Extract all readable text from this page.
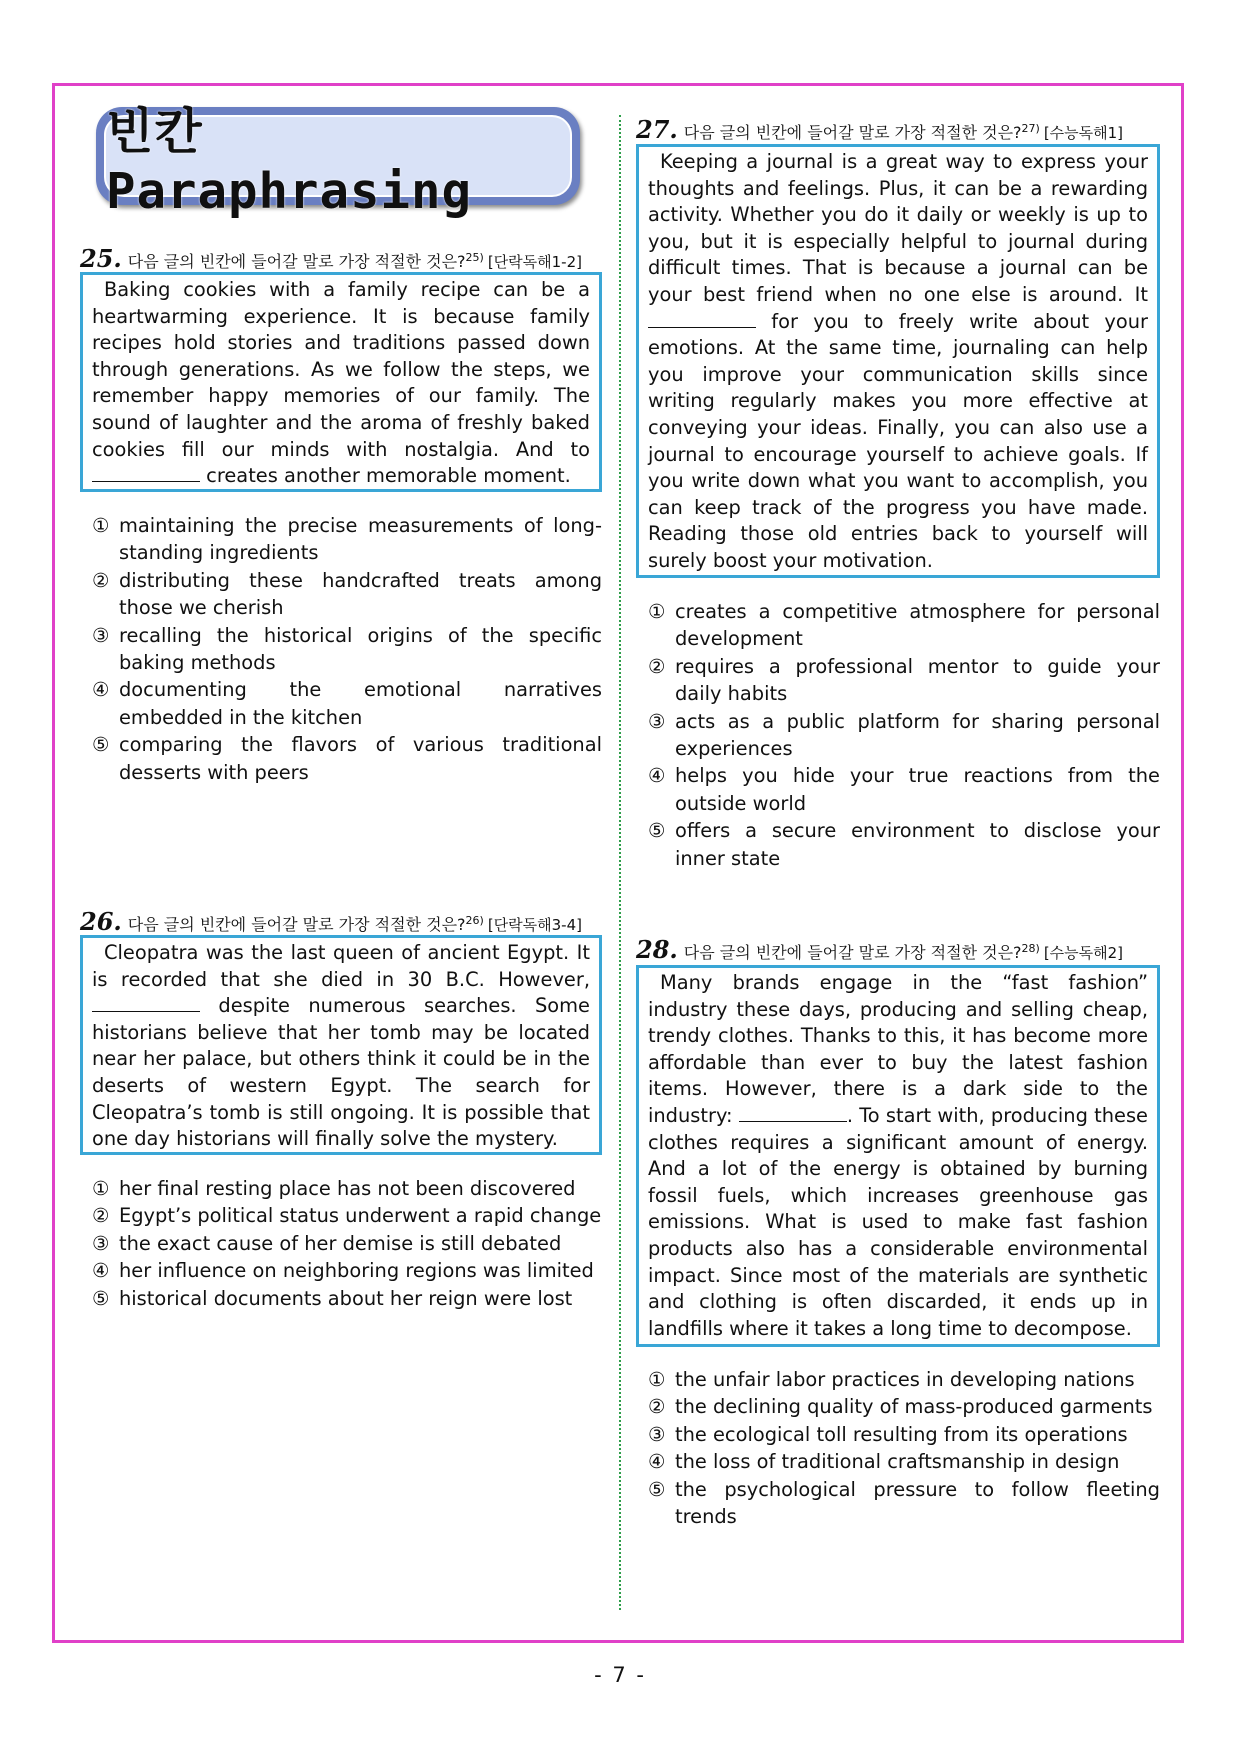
빈칸 Paraphrasing
25. 다음 글의 빈칸에 들어갈 말로 가장 적절한 것은?$^{25)}$ [단락독해1-2]

Baking cookies with a family recipe can be a heartwarming experience. It is because family recipes hold stories and traditions passed down through generations. As we follow the steps, we remember happy memories of our family. The sound of laughter and the aroma of freshly baked cookies fill our minds with nostalgia. And to  creates another memorable moment.

① maintaining the precise measurements of long-standing ingredients
② distributing these handcrafted treats among those we cherish
③ recalling the historical origins of the specific baking methods
④ documenting the emotional narratives embedded in the kitchen
⑤ comparing the flavors of various traditional desserts with peers
26. 다음 글의 빈칸에 들어갈 말로 가장 적절한 것은?$^{26)}$ [단락독해3-4]

Cleopatra was the last queen of ancient Egypt. It is recorded that she died in 30 B.C. However,  despite numerous searches. Some historians believe that her tomb may be located near her palace, but others think it could be in the deserts of western Egypt. The search for Cleopatra’s tomb is still ongoing. It is possible that one day historians will finally solve the mystery.

① her final resting place has not been discovered
② Egypt’s political status underwent a rapid change
③ the exact cause of her demise is still debated
④ her influence on neighboring regions was limited
⑤ historical documents about her reign were lost
27. 다음 글의 빈칸에 들어갈 말로 가장 적절한 것은?$^{27)}$ [수능독해1]

Keeping a journal is a great way to express your thoughts and feelings. Plus, it can be a rewarding activity. Whether you do it daily or weekly is up to you, but it is especially helpful to journal during difficult times. That is because a journal can be your best friend when no one else is around. It  for you to freely write about your emotions. At the same time, journaling can help you improve your communication skills since writing regularly makes you more effective at conveying your ideas. Finally, you can also use a journal to encourage yourself to achieve goals. If you write down what you want to accomplish, you can keep track of the progress you have made. Reading those old entries back to yourself will surely boost your motivation.

① creates a competitive atmosphere for personal development
② requires a professional mentor to guide your daily habits
③ acts as a public platform for sharing personal experiences
④ helps you hide your true reactions from the outside world
⑤ offers a secure environment to disclose your inner state
28. 다음 글의 빈칸에 들어갈 말로 가장 적절한 것은?$^{28)}$ [수능독해2]

Many brands engage in the “fast fashion” industry these days, producing and selling cheap, trendy clothes. Thanks to this, it has become more affordable than ever to buy the latest fashion items. However, there is a dark side to the industry:	. To start with, producing these clothes requires a significant amount of energy. And a lot of the energy is obtained by burning fossil fuels, which increases greenhouse gas emissions. What is used to make fast fashion products also has a considerable environmental impact. Since most of the materials are synthetic and clothing is often discarded, it ends up in landfills where it takes a long time to decompose.

① the unfair labor practices in developing nations
② the declining quality of mass-produced garments
③ the ecological toll resulting from its operations
④ the loss of traditional craftsmanship in design
⑤ the psychological pressure to follow fleeting trends
- 7 -
